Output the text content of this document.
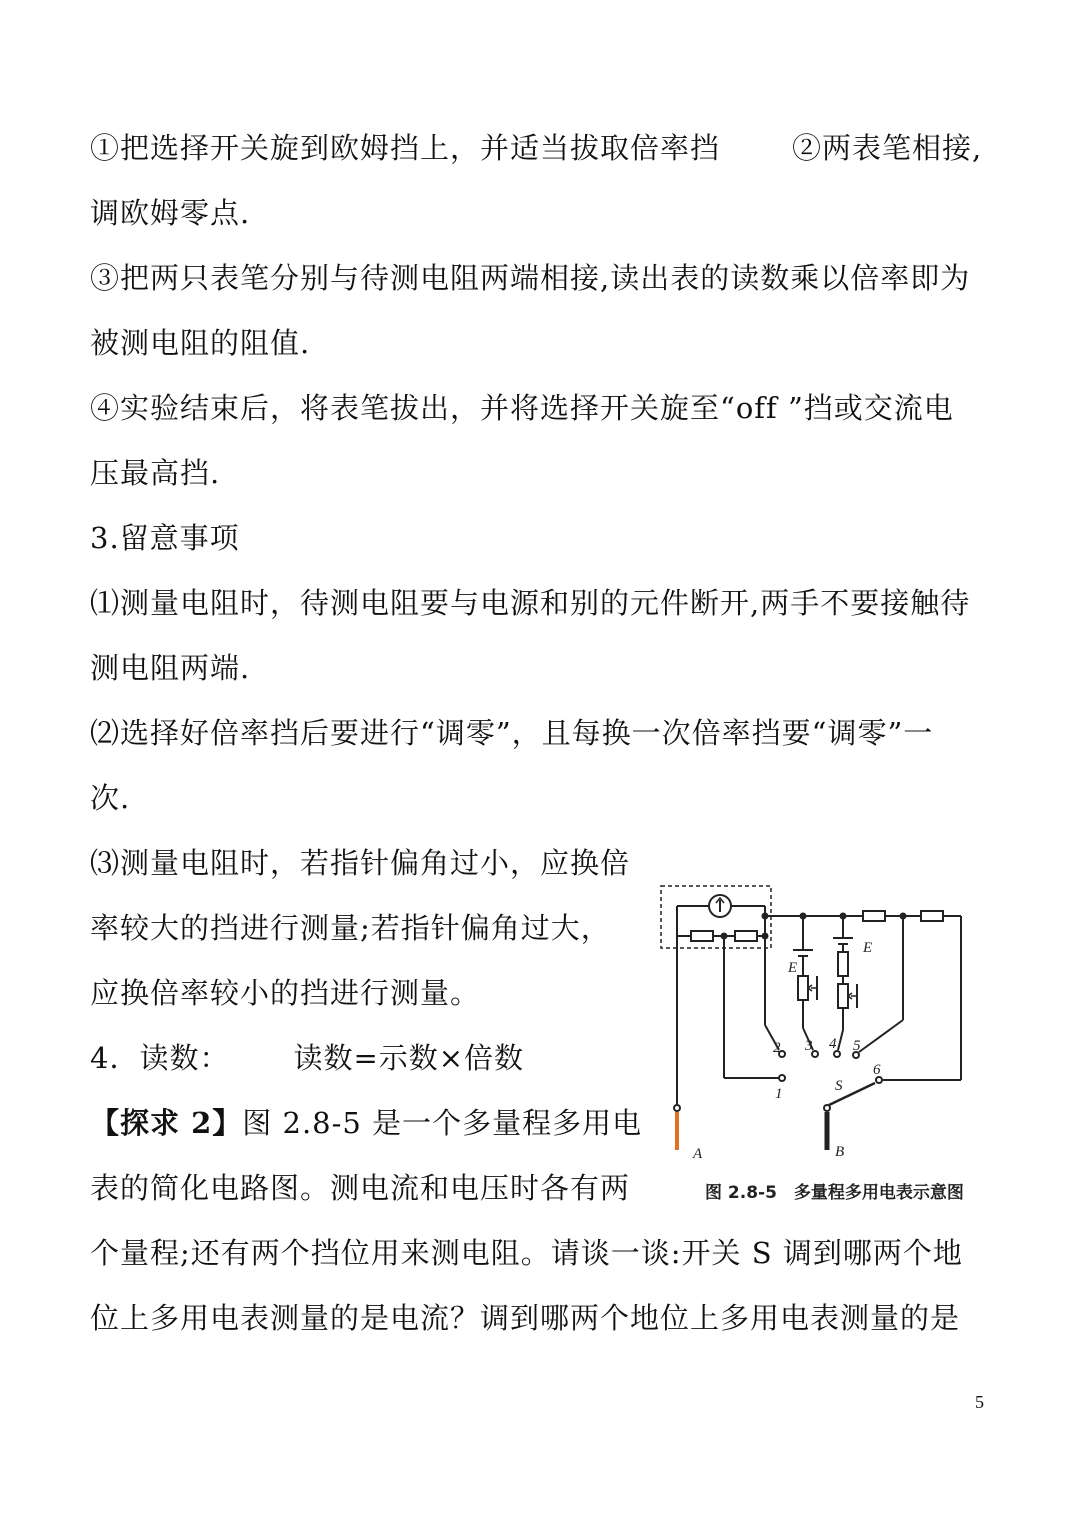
①把选择开关旋到欧姆挡上，并适当拔取倍率挡 ②两表笔相接,
调欧姆零点.
③把两只表笔分别与待测电阻两端相接,读出表的读数乘以倍率即为
被测电阻的阻值.
④实验结束后，将表笔拔出，并将选择开关旋至“off ”挡或交流电
压最高挡.
3.留意事项
⑴测量电阻时，待测电阻要与电源和别的元件断开,两手不要接触待
测电阻两端.
⑵选择好倍率挡后要进行“调零”，且每换一次倍率挡要“调零”一
次.
⑶测量电阻时，若指针偏角过小，应换倍
率较大的挡进行测量;若指针偏角过大，
应换倍率较小的挡进行测量。
4．读数： 读数=示数×倍数
【探求 2】图 2.8-5 是一个多量程多用电
表的简化电路图。测电流和电压时各有两
个量程;还有两个挡位用来测电阻。请谈一谈:开关 S 调到哪两个地
位上多用电表测量的是电流？调到哪两个地位上多用电表测量的是
E
E
1
2 3 4 5
6
S
A	B
图 2.8-5　多量程多用电表示意图
5
